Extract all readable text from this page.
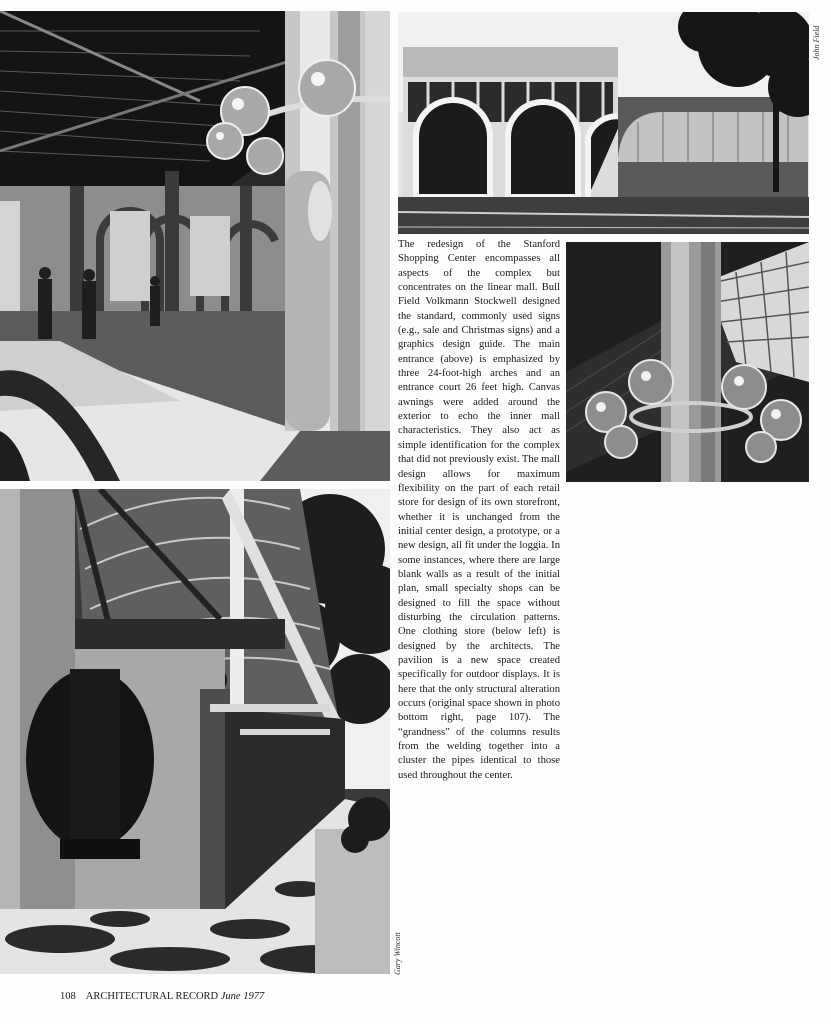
John Field
Gary Wincott

The redesign of the Stanford Shopping Center encompasses all aspects of the complex but concentrates on the linear mall. Bull Field Volkmann Stockwell designed the standard, commonly used signs (e.g., sale and Christmas signs) and a graphics design guide. The main entrance (above) is emphasized by three 24-foot-high arches and an entrance court 26 feet high. Canvas awnings were added around the exterior to echo the inner mall characteristics. They also act as simple identification for the complex that did not previously exist. The mall design allows for maximum flexibility on the part of each retail store for design of its own storefront, whether it is unchanged from the initial center design, a prototype, or a new design, all fit under the loggia. In some instances, where there are large blank walls as a result of the initial plan, small specialty shops can be designed to fill the space without disturbing the circulation patterns. One clothing store (below left) is designed by the architects. The pavilion is a new space created specifically for outdoor displays. It is here that the only structural alteration occurs (original space shown in photo bottom right, page 107). The “grandness” of the columns results from the welding together into a cluster the pipes identical to those used throughout the center.

108 ARCHITECTURAL RECORD June 1977
